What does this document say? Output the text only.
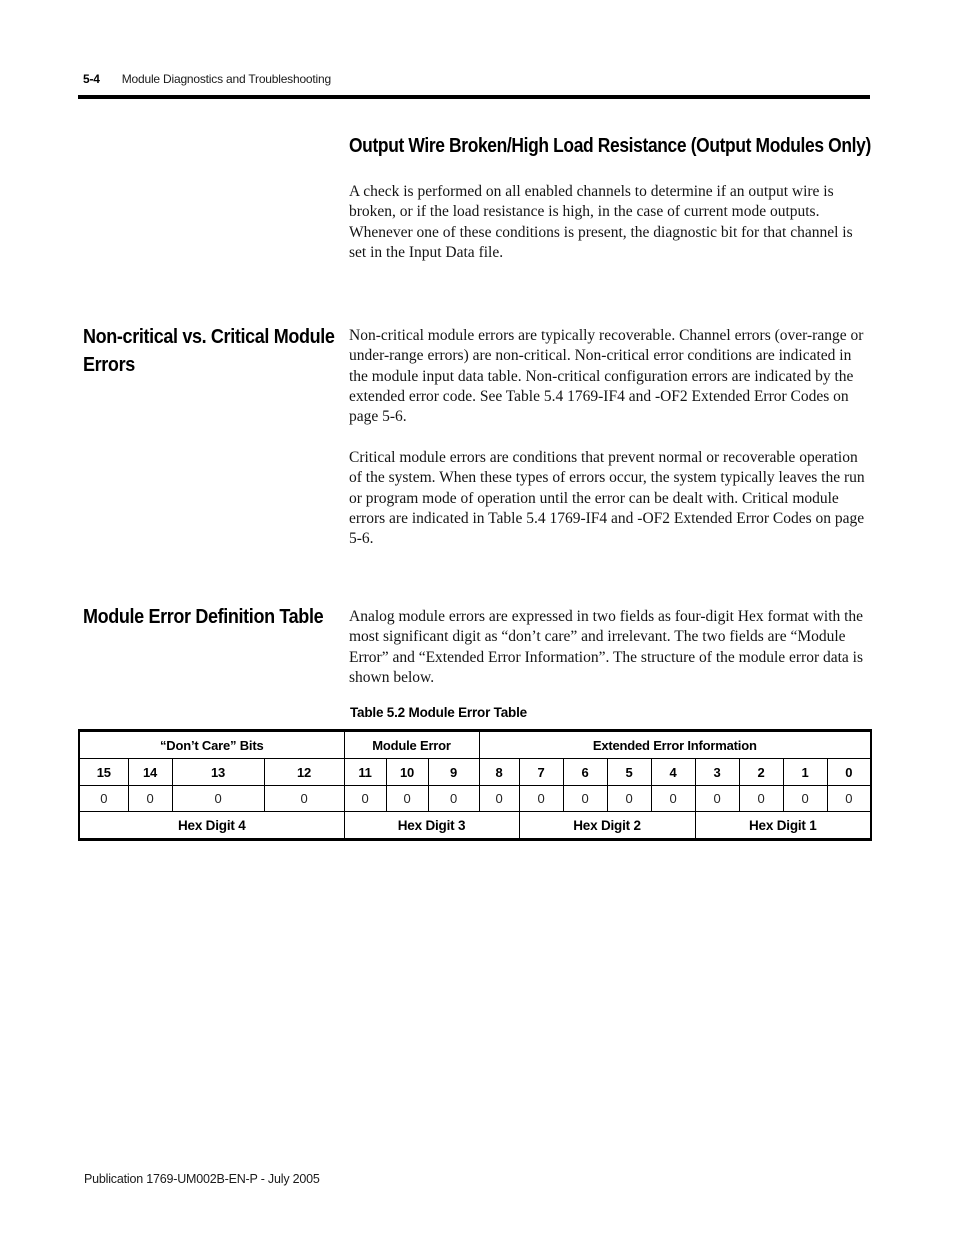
5-4 Module Diagnostics and Troubleshooting
Output Wire Broken/High Load Resistance (Output Modules Only)

A check is performed on all enabled channels to determine if an output wire is broken, or if the load resistance is high, in the case of current mode outputs. Whenever one of these conditions is present, the diagnostic bit for that channel is set in the Input Data file.

Non-critical vs. Critical Module Errors

Non-critical module errors are typically recoverable. Channel errors (over-range or under-range errors) are non-critical. Non-critical error conditions are indicated in the module input data table. Non-critical configuration errors are indicated by the extended error code. See Table 5.4 1769-IF4 and -OF2 Extended Error Codes on page 5-6.

Critical module errors are conditions that prevent normal or recoverable operation of the system. When these types of errors occur, the system typically leaves the run or program mode of operation until the error can be dealt with. Critical module errors are indicated in Table 5.4 1769-IF4 and -OF2 Extended Error Codes on page 5-6.

Module Error Definition Table	Analog module errors are expressed in two fields as four-digit Hex format with the most significant digit as “don’t care” and irrelevant. The two fields are “Module Error” and “Extended Error Information”. The structure of the module error data is shown below.

Table 5.2 Module Error Table
“Don’t Care” Bits				Module Error			Extended Error Information								
15	14	13	12	11	10	9	8	7	6	5	4	3	2	1	0
0	0	0	0	0	0	0	0	0	0	0	0	0	0	0	0
Hex Digit 4				Hex Digit 3				Hex Digit 2				Hex Digit 1			
Publication 1769-UM002B-EN-P - July 2005
